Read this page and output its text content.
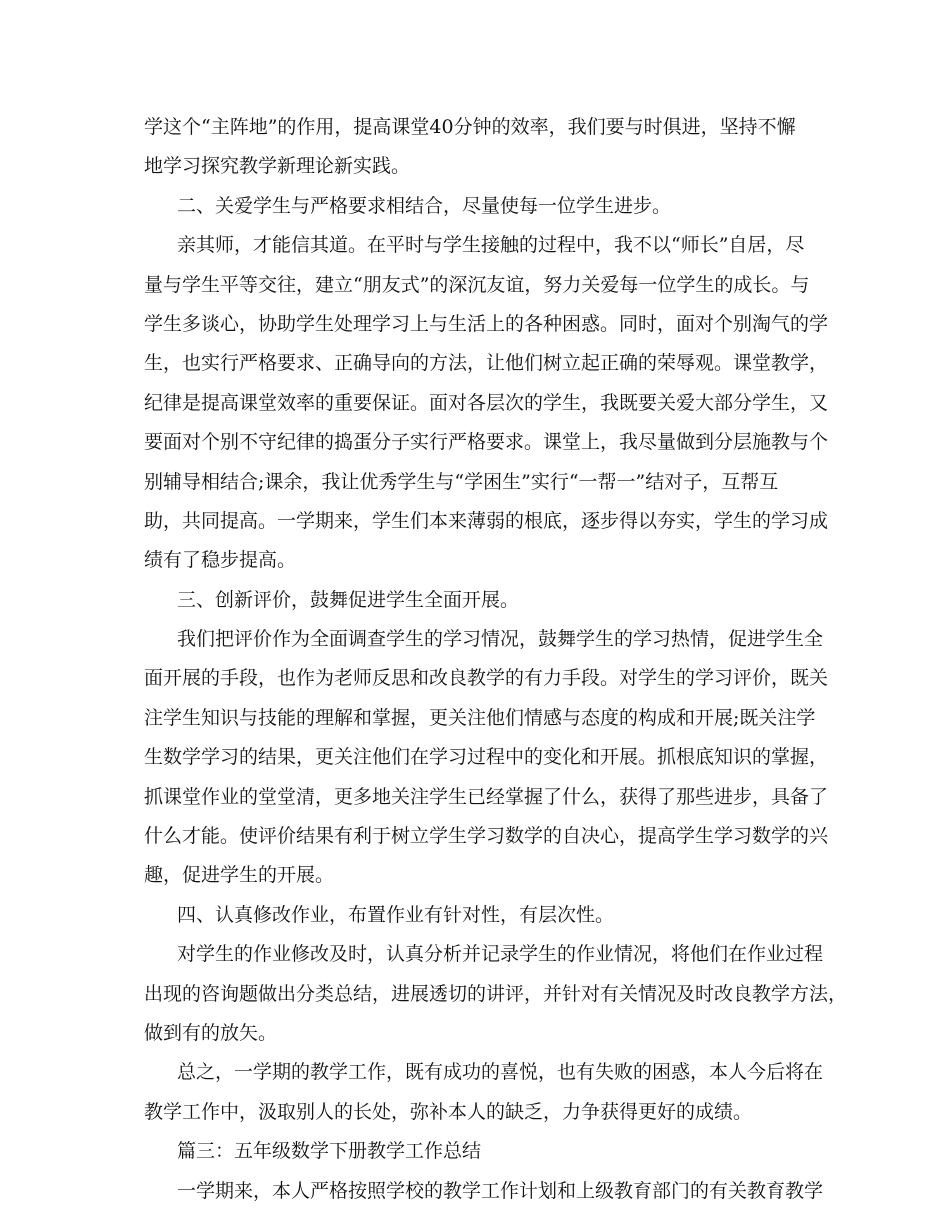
学这个“主阵地”的作用，提高课堂40分钟的效率，我们要与时俱进，坚持不懈
地学习探究教学新理论新实践。
二、关爱学生与严格要求相结合，尽量使每一位学生进步。
亲其师，才能信其道。在平时与学生接触的过程中，我不以“师长”自居，尽
量与学生平等交往，建立“朋友式”的深沉友谊，努力关爱每一位学生的成长。与
学生多谈心，协助学生处理学习上与生活上的各种困惑。同时，面对个别淘气的学
生，也实行严格要求、正确导向的方法，让他们树立起正确的荣辱观。课堂教学，
纪律是提高课堂效率的重要保证。面对各层次的学生，我既要关爱大部分学生，又
要面对个别不守纪律的捣蛋分子实行严格要求。课堂上，我尽量做到分层施教与个
别辅导相结合;课余，我让优秀学生与“学困生”实行“一帮一”结对子，互帮互
助，共同提高。一学期来，学生们本来薄弱的根底，逐步得以夯实，学生的学习成
绩有了稳步提高。
三、创新评价，鼓舞促进学生全面开展。
我们把评价作为全面调查学生的学习情况，鼓舞学生的学习热情，促进学生全
面开展的手段，也作为老师反思和改良教学的有力手段。对学生的学习评价，既关
注学生知识与技能的理解和掌握，更关注他们情感与态度的构成和开展;既关注学
生数学学习的结果，更关注他们在学习过程中的变化和开展。抓根底知识的掌握，
抓课堂作业的堂堂清，更多地关注学生已经掌握了什么，获得了那些进步，具备了
什么才能。使评价结果有利于树立学生学习数学的自决心，提高学生学习数学的兴
趣，促进学生的开展。
四、认真修改作业，布置作业有针对性，有层次性。
对学生的作业修改及时，认真分析并记录学生的作业情况，将他们在作业过程
出现的咨询题做出分类总结，进展透切的讲评，并针对有关情况及时改良教学方法，
做到有的放矢。
总之，一学期的教学工作，既有成功的喜悦，也有失败的困惑，本人今后将在
教学工作中，汲取别人的长处，弥补本人的缺乏，力争获得更好的成绩。
篇三：五年级数学下册教学工作总结
一学期来，本人严格按照学校的教学工作计划和上级教育部门的有关教育教学
